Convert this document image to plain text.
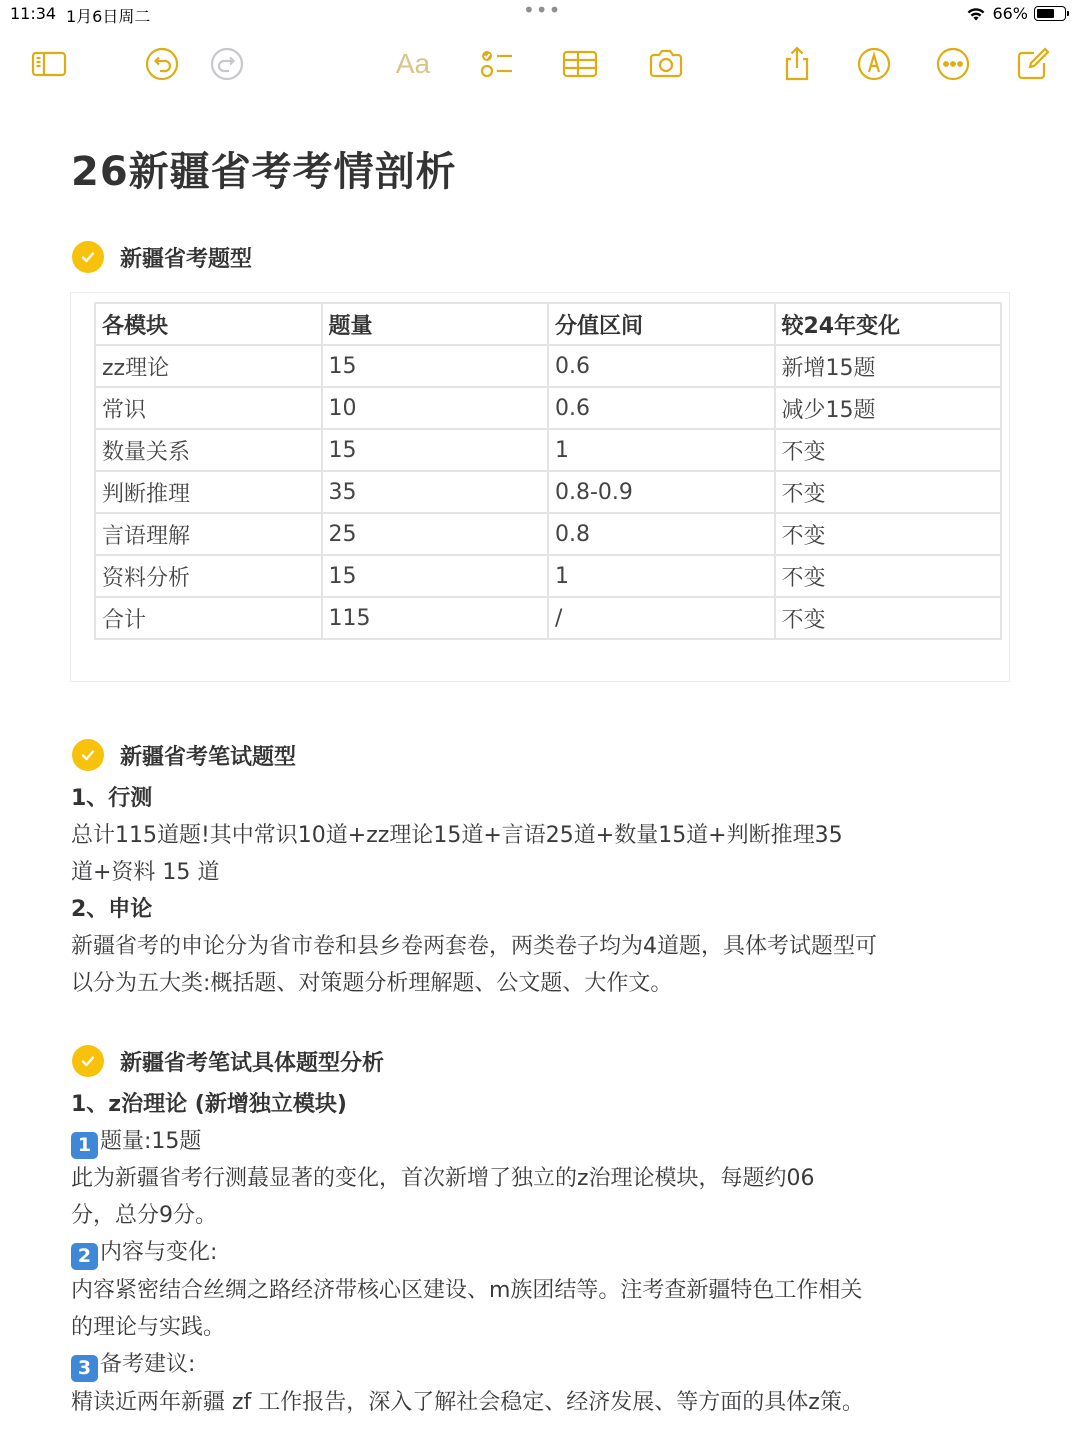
11:34 1月6日周二	•••	66%
Aa
26新疆省考考情剖析
新疆省考题型
各模块	题量	分值区间	较24年变化
zz理论	15	0.6	新增15题
常识	10	0.6	减少15题
数量关系	15	1	不变
判断推理	35	0.8-0.9	不变
言语理解	25	0.8	不变
资料分析	15	1	不变
合计	115	/	不变
新疆省考笔试题型

1、行测

总计115道题!其中常识10道+zz理论15道+言语25道+数量15道+判断推理35

道+资料 15 道

2、申论

新疆省考的申论分为省市卷和县乡卷两套卷，两类卷子均为4道题，具体考试题型可

以分为五大类:概括题、对策题分析理解题、公文题、大作文。

新疆省考笔试具体题型分析

1、z治理论 (新增独立模块)

1 题量:15题

此为新疆省考行测蕞显著的变化，首次新增了独立的z治理论模块，每题约06

分，总分9分。

2 内容与变化:

内容紧密结合丝绸之路经济带核心区建设、m族团结等。注考查新疆特色工作相关

的理论与实践。

3 备考建议:

精读近两年新疆 zf 工作报告，深入了解社会稳定、经济发展、等方面的具体z策。
